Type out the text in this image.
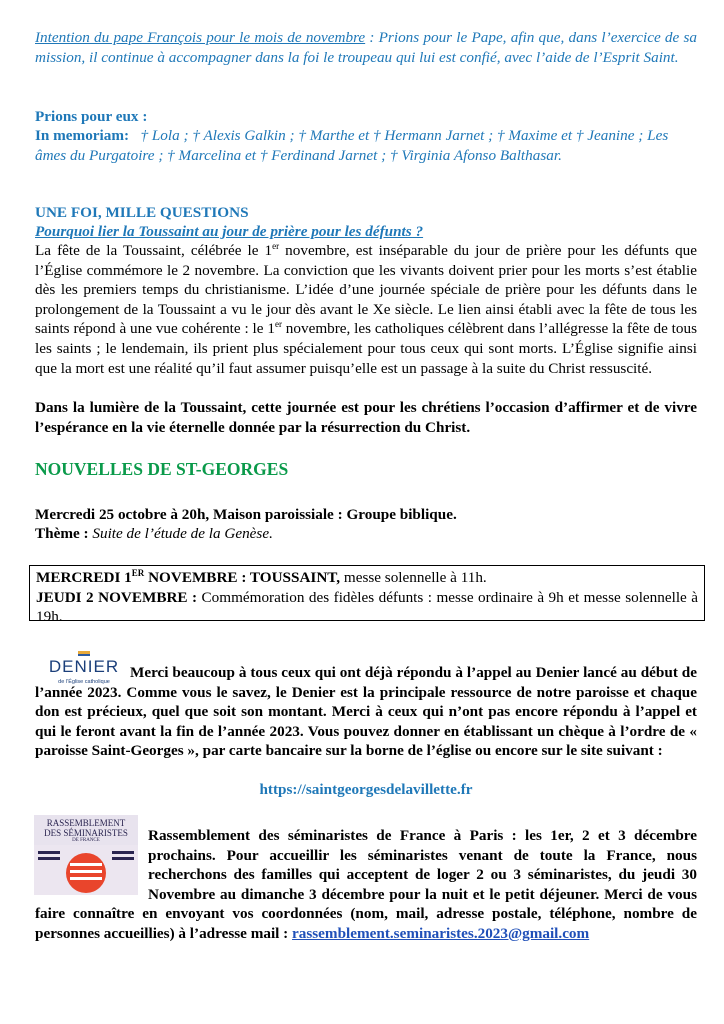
Intention du pape François pour le mois de novembre : Prions pour le Pape, afin que, dans l’exercice de sa mission, il continue à accompagner dans la foi le troupeau qui lui est confié, avec l’aide de l’Esprit Saint.
Prions pour eux :
In memoriam: † Lola ; † Alexis Galkin ; † Marthe et † Hermann Jarnet ; † Maxime et † Jeanine ; Les âmes du Purgatoire ; † Marcelina et † Ferdinand Jarnet ; † Virginia Afonso Balthasar.
UNE FOI, MILLE QUESTIONS
Pourquoi lier la Toussaint au jour de prière pour les défunts ?
La fête de la Toussaint, célébrée le 1er novembre, est inséparable du jour de prière pour les défunts que l’Église commémore le 2 novembre. La conviction que les vivants doivent prier pour les morts s’est établie dès les premiers temps du christianisme. L’idée d’une journée spéciale de prière pour les défunts dans le prolongement de la Toussaint a vu le jour dès avant le Xe siècle. Le lien ainsi établi avec la fête de tous les saints répond à une vue cohérente : le 1er novembre, les catholiques célèbrent dans l’allégresse la fête de tous les saints ; le lendemain, ils prient plus spécialement pour tous ceux qui sont morts. L’Église signifie ainsi que la mort est une réalité qu’il faut assumer puisqu’elle est un passage à la suite du Christ ressuscité.
Dans la lumière de la Toussaint, cette journée est pour les chrétiens l’occasion d’affirmer et de vivre l’espérance en la vie éternelle donnée par la résurrection du Christ.
NOUVELLES DE ST-GEORGES
Mercredi 25 octobre à 20h, Maison paroissiale : Groupe biblique.
Thème : Suite de l’étude de la Genèse.
MERCREDI 1ER NOVEMBRE : TOUSSAINT, messe solennelle à 11h.
JEUDI 2 NOVEMBRE : Commémoration des fidèles défunts : messe ordinaire à 9h et messe solennelle à 19h.
DENIER
de l’Église catholique
Merci beaucoup à tous ceux qui ont déjà répondu à l’appel au Denier lancé au début de l’année 2023. Comme vous le savez, le Denier est la principale ressource de notre paroisse et chaque don est précieux, quel que soit son montant. Merci à ceux qui n’ont pas encore répondu à l’appel et qui le feront avant la fin de l’année 2023. Vous pouvez donner en établissant un chèque à l’ordre de « paroisse Saint-Georges », par carte bancaire sur la borne de l’église ou encore sur le site suivant :
https://saintgeorgesdelavillette.fr
RASSEMBLEMENT
DES SÉMINARISTES
DE FRANCE	Rassemblement des séminaristes de France à Paris : les 1er, 2 et 3 décembre prochains. Pour accueillir les séminaristes venant de toute la France, nous recherchons des familles qui acceptent de loger 2 ou 3 séminaristes, du jeudi 30 Novembre au dimanche 3 décembre pour la nuit et le petit déjeuner. Merci de vous faire connaître en envoyant vos coordonnées (nom, mail, adresse postale, téléphone, nombre de personnes accueillies) à l’adresse mail : rassemblement.seminaristes.2023@gmail.com
